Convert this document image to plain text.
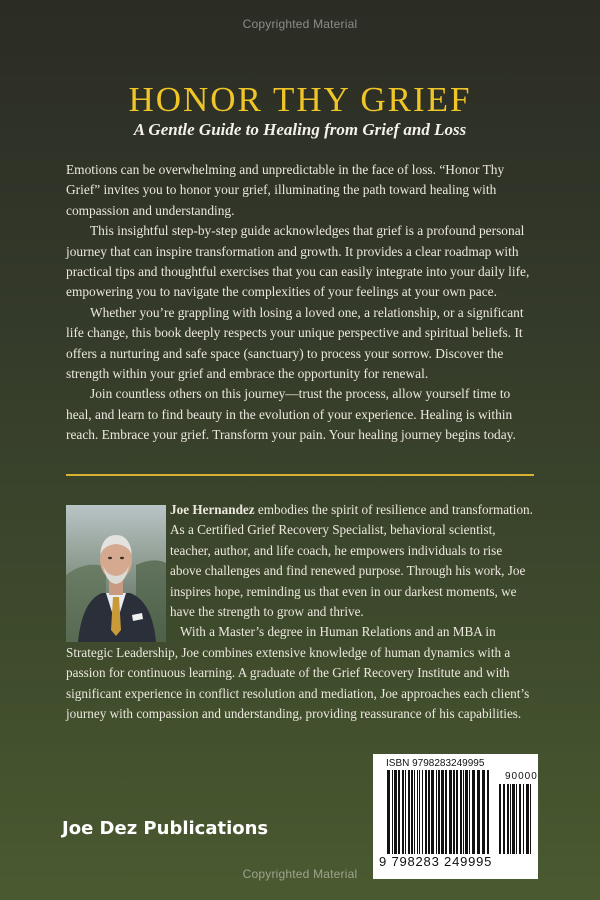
Copyrighted Material
HONOR THY GRIEF
A Gentle Guide to Healing from Grief and Loss

Emotions can be overwhelming and unpredictable in the face of loss. “Honor Thy Grief” invites you to honor your grief, illuminating the path toward healing with compassion and understanding.

This insightful step-by-step guide acknowledges that grief is a profound personal journey that can inspire transformation and growth. It provides a clear roadmap with practical tips and thoughtful exercises that you can easily integrate into your daily life, empowering you to navigate the complexities of your feelings at your own pace.

Whether you’re grappling with losing a loved one, a relationship, or a significant life change, this book deeply respects your unique perspective and spiritual beliefs. It offers a nurturing and safe space (sanctuary) to process your sorrow. Discover the strength within your grief and embrace the opportunity for renewal.

Join countless others on this journey—trust the process, allow yourself time to heal, and learn to find beauty in the evolution of your experience. Healing is within reach. Embrace your grief. Transform your pain. Your healing journey begins today.

Joe Hernandez embodies the spirit of resilience and transformation. As a Certified Grief Recovery Specialist, behavioral scientist, teacher, author, and life coach, he empowers individuals to rise above challenges and find renewed purpose. Through his work, Joe inspires hope, reminding us that even in our darkest moments, we have the strength to grow and thrive.

With a Master’s degree in Human Relations and an MBA in Strategic Leadership, Joe combines extensive knowledge of human dynamics with a passion for continuous learning. A graduate of the Grief Recovery Institute and with significant experience in conflict resolution and mediation, Joe approaches each client’s journey with compassion and understanding, providing reassurance of his capabilities.

Joe Dez Publications
ISBN 9798283249995
90000
9 798283 249995
Copyrighted Material
